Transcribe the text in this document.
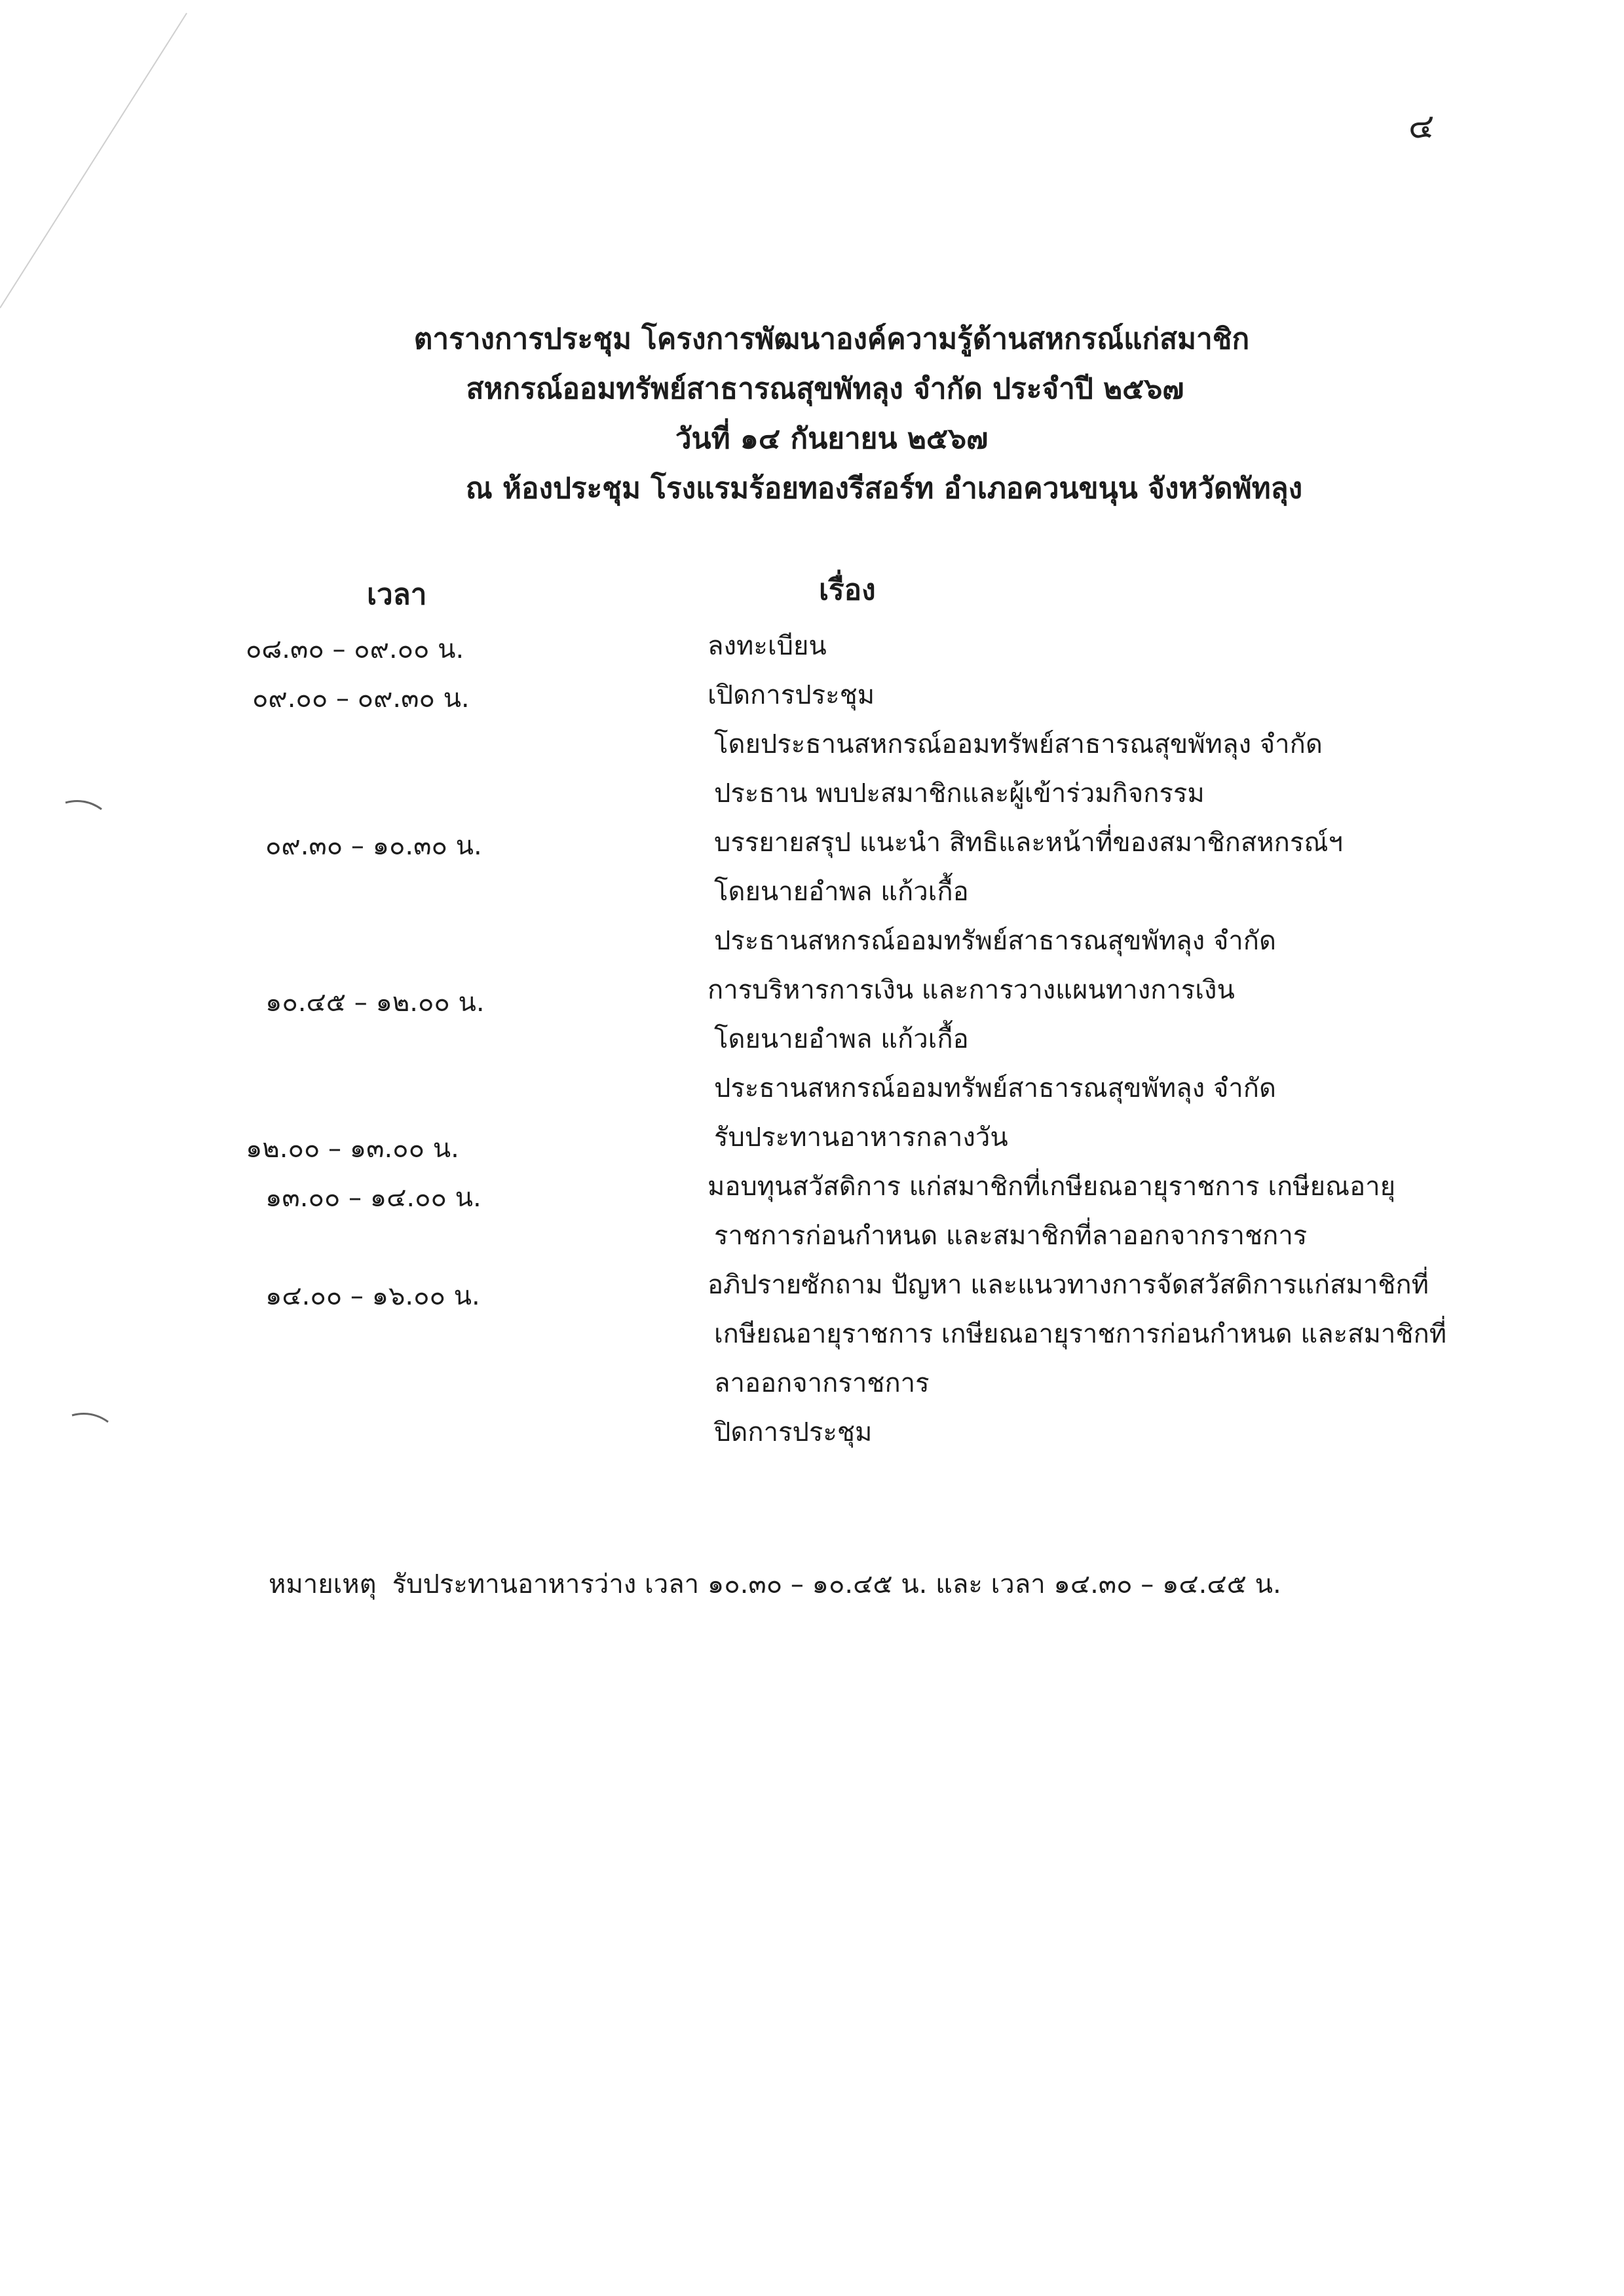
๔
ตารางการประชุม โครงการพัฒนาองค์ความรู้ด้านสหกรณ์แก่สมาชิก
สหกรณ์ออมทรัพย์สาธารณสุขพัทลุง จำกัด ประจำปี ๒๕๖๗
วันที่ ๑๔ กันยายน ๒๕๖๗
ณ ห้องประชุม โรงแรมร้อยทองรีสอร์ท อำเภอควนขนุน จังหวัดพัทลุง
เวลา	เรื่อง
๐๘.๓๐ – ๐๙.๐๐ น.
๐๙.๐๐ – ๐๙.๓๐ น.
๐๙.๓๐ – ๑๐.๓๐ น.
๑๐.๔๕ – ๑๒.๐๐ น.
๑๒.๐๐ – ๑๓.๐๐ น.
๑๓.๐๐ – ๑๔.๐๐ น.
๑๔.๐๐ – ๑๖.๐๐ น.
ลงทะเบียน
เปิดการประชุม
โดยประธานสหกรณ์ออมทรัพย์สาธารณสุขพัทลุง จำกัด
ประธาน พบปะสมาชิกและผู้เข้าร่วมกิจกรรม
บรรยายสรุป แนะนำ สิทธิและหน้าที่ของสมาชิกสหกรณ์ฯ
โดยนายอำพล แก้วเกื้อ
ประธานสหกรณ์ออมทรัพย์สาธารณสุขพัทลุง จำกัด
การบริหารการเงิน และการวางแผนทางการเงิน
โดยนายอำพล แก้วเกื้อ
ประธานสหกรณ์ออมทรัพย์สาธารณสุขพัทลุง จำกัด
รับประทานอาหารกลางวัน
มอบทุนสวัสดิการ แก่สมาชิกที่เกษียณอายุราชการ เกษียณอายุ
ราชการก่อนกำหนด และสมาชิกที่ลาออกจากราชการ
อภิปรายซักถาม ปัญหา และแนวทางการจัดสวัสดิการแก่สมาชิกที่
เกษียณอายุราชการ เกษียณอายุราชการก่อนกำหนด และสมาชิกที่
ลาออกจากราชการ
ปิดการประชุม
หมายเหตุ รับประทานอาหารว่าง เวลา ๑๐.๓๐ – ๑๐.๔๕ น. และ เวลา ๑๔.๓๐ – ๑๔.๔๕ น.
